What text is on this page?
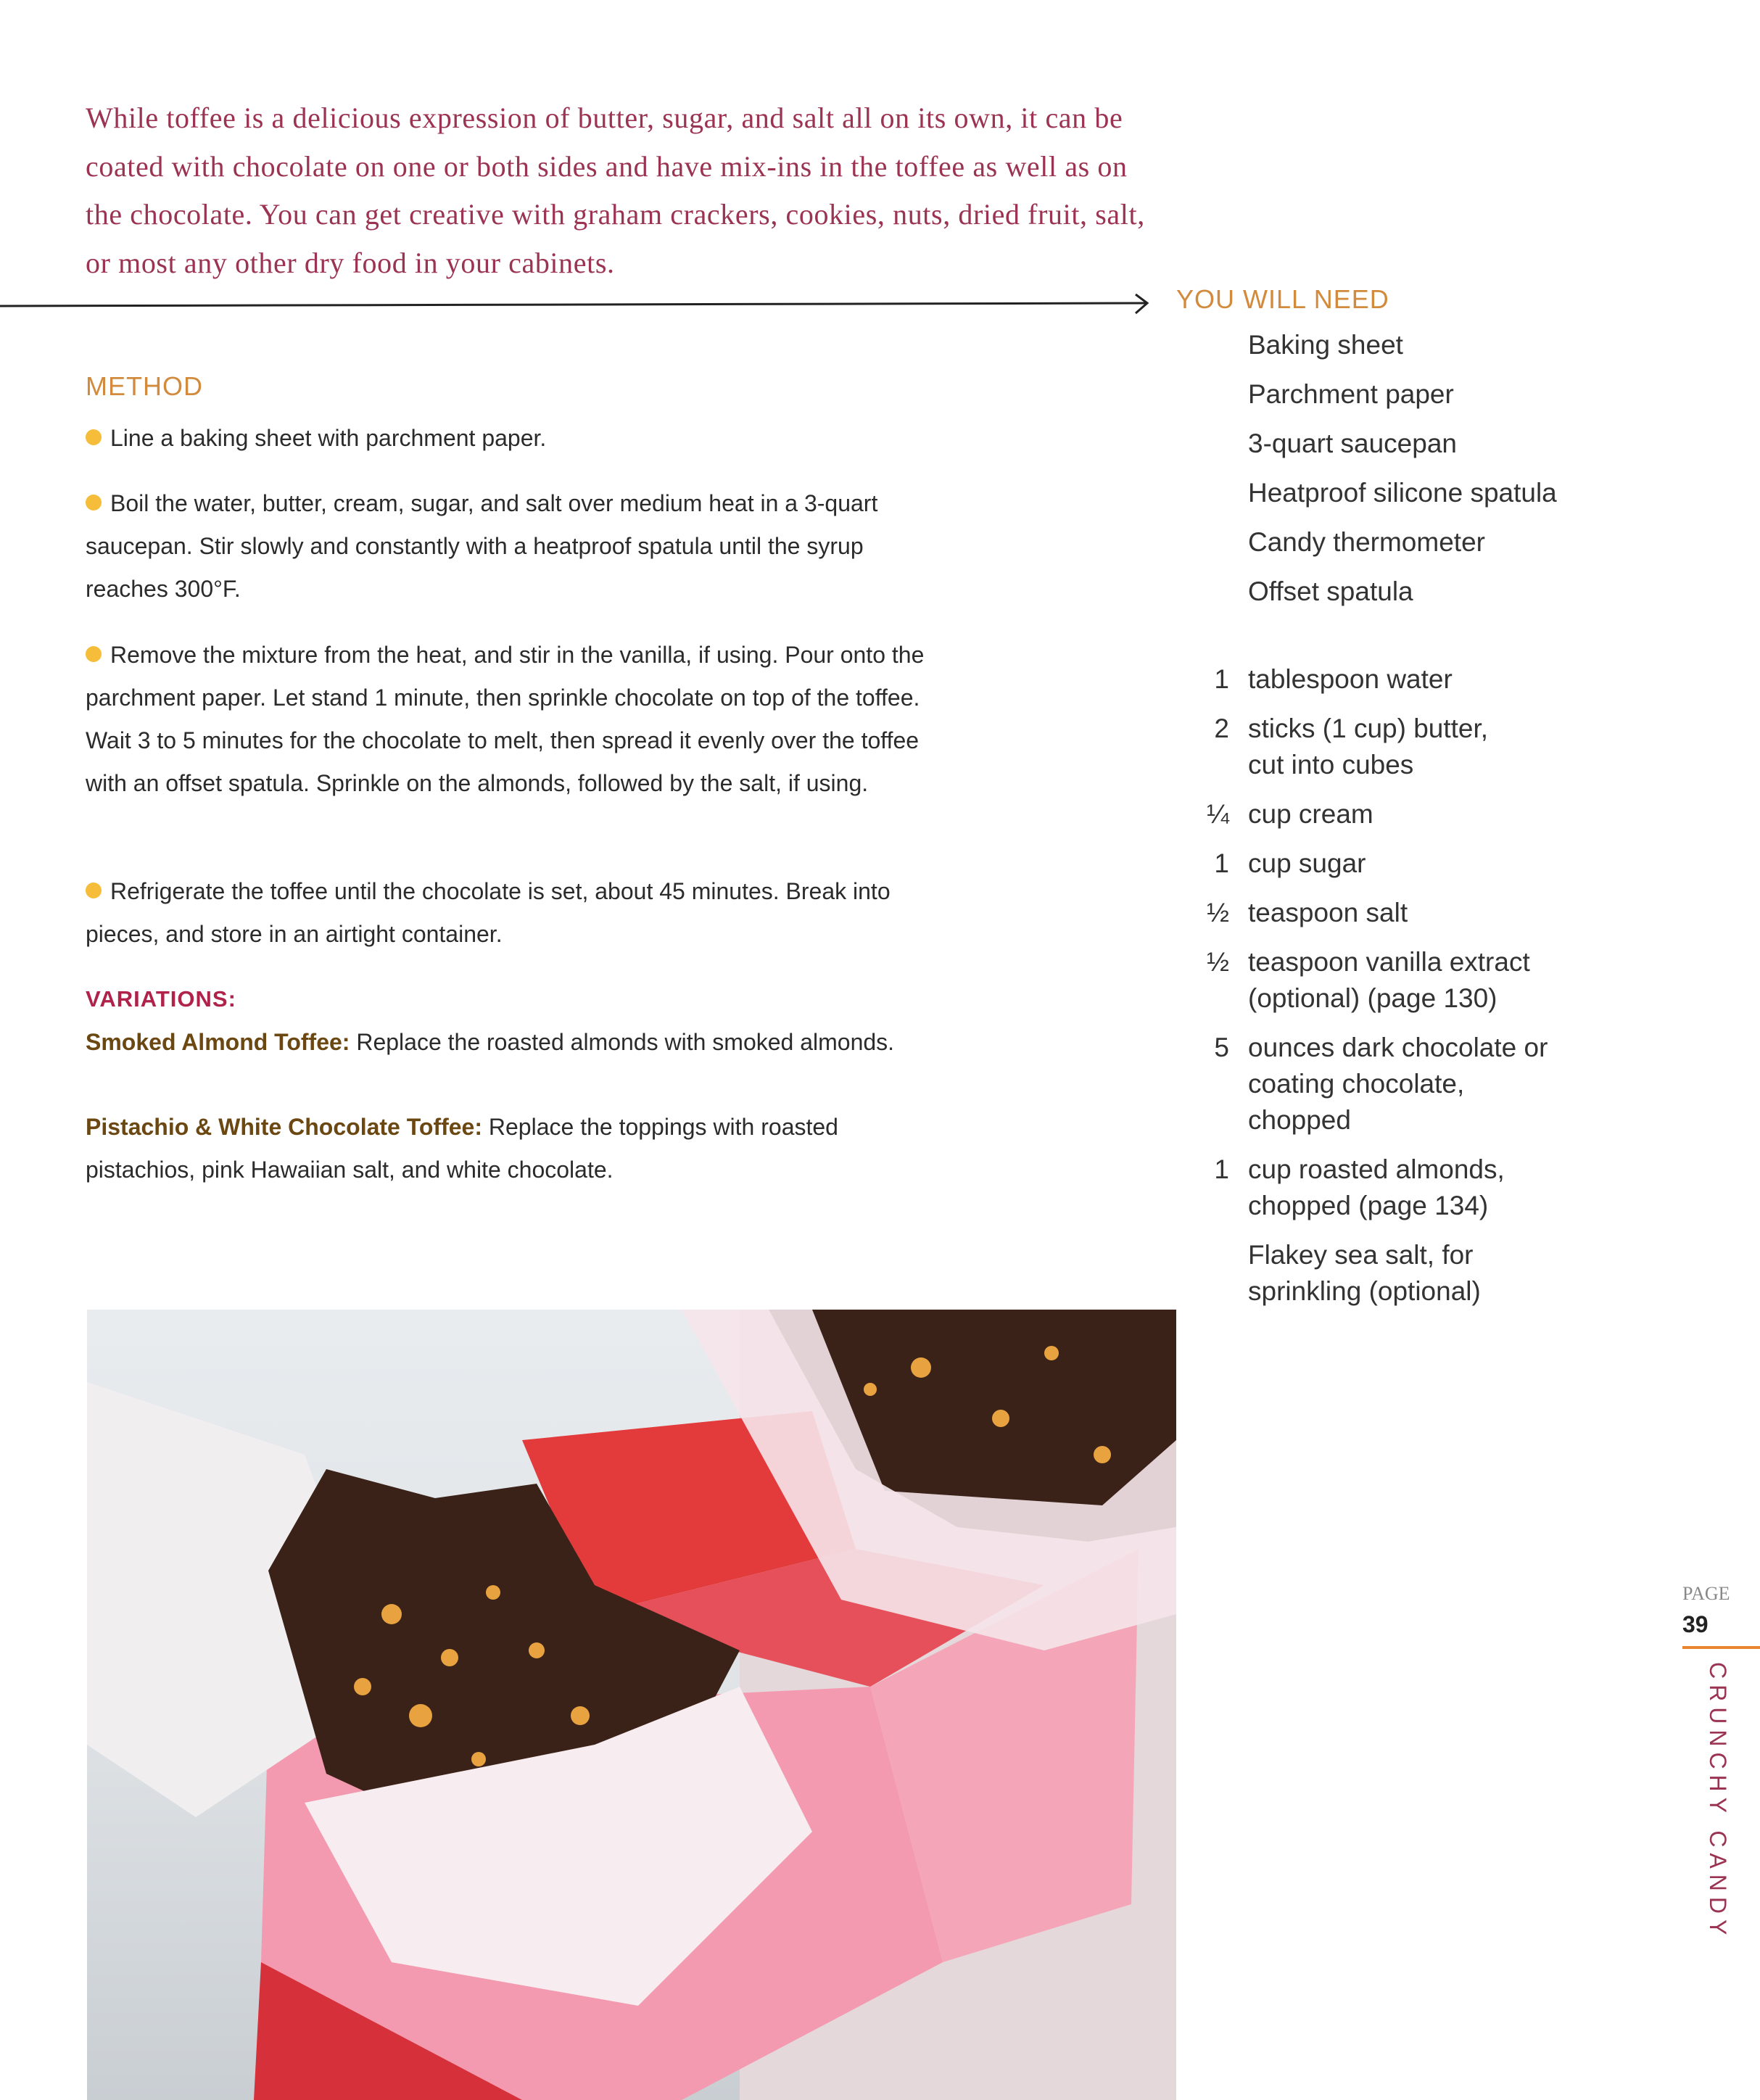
While toffee is a delicious expression of butter, sugar, and salt all on its own, it can be coated with chocolate on one or both sides and have mix-ins in the toffee as well as on the chocolate. You can get creative with graham crackers, cookies, nuts, dried fruit, salt, or most any other dry food in your cabinets.
YOU WILL NEED
Baking sheet
Parchment paper
3-quart saucepan
Heatproof silicone spatula
Candy thermometer
Offset spatula
1 tablespoon water
2 sticks (1 cup) butter, cut into cubes
¼ cup cream
1 cup sugar
½ teaspoon salt
½ teaspoon vanilla extract (optional) (page 130)
5 ounces dark chocolate or coating chocolate, chopped
1 cup roasted almonds, chopped (page 134)
Flakey sea salt, for sprinkling (optional)
METHOD
Line a baking sheet with parchment paper.
Boil the water, butter, cream, sugar, and salt over medium heat in a 3-quart saucepan. Stir slowly and constantly with a heatproof spatula until the syrup reaches 300°F.
Remove the mixture from the heat, and stir in the vanilla, if using. Pour onto the parchment paper. Let stand 1 minute, then sprinkle chocolate on top of the toffee. Wait 3 to 5 minutes for the chocolate to melt, then spread it evenly over the toffee with an offset spatula. Sprinkle on the almonds, followed by the salt, if using.
Refrigerate the toffee until the chocolate is set, about 45 minutes. Break into pieces, and store in an airtight container.
VARIATIONS:
Smoked Almond Toffee: Replace the roasted almonds with smoked almonds.
Pistachio & White Chocolate Toffee: Replace the toppings with roasted pistachios, pink Hawaiian salt, and white chocolate.
PAGE
39
CRUNCHY CANDY
